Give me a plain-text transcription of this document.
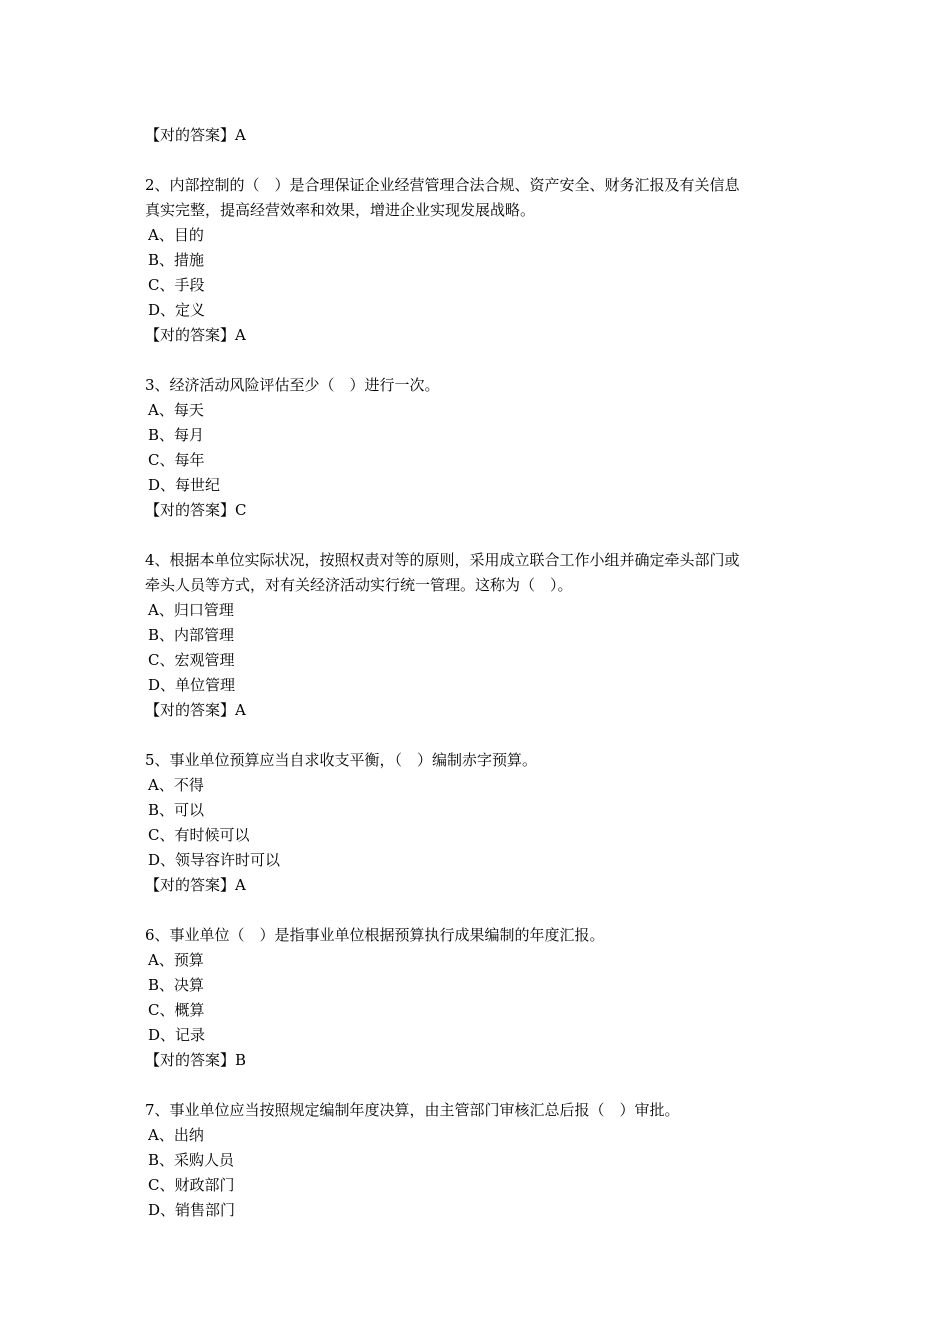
【对的答案】A
2、内部控制的（　）是合理保证企业经营管理合法合规、资产安全、财务汇报及有关信息
真实完整，提高经营效率和效果，增进企业实现发展战略。
A、目的
B、措施
C、手段
D、定义
【对的答案】A
3、经济活动风险评估至少（　）进行一次。
A、每天
B、每月
C、每年
D、每世纪
【对的答案】C
4、根据本单位实际状况，按照权责对等的原则，采用成立联合工作小组并确定牵头部门或
牵头人员等方式，对有关经济活动实行统一管理。这称为（　）。
A、归口管理
B、内部管理
C、宏观管理
D、单位管理
【对的答案】A
5、事业单位预算应当自求收支平衡，（　）编制赤字预算。
A、不得
B、可以
C、有时候可以
D、领导容许时可以
【对的答案】A
6、事业单位（　）是指事业单位根据预算执行成果编制的年度汇报。
A、预算
B、决算
C、概算
D、记录
【对的答案】B
7、事业单位应当按照规定编制年度决算，由主管部门审核汇总后报（　）审批。
A、出纳
B、采购人员
C、财政部门
D、销售部门
